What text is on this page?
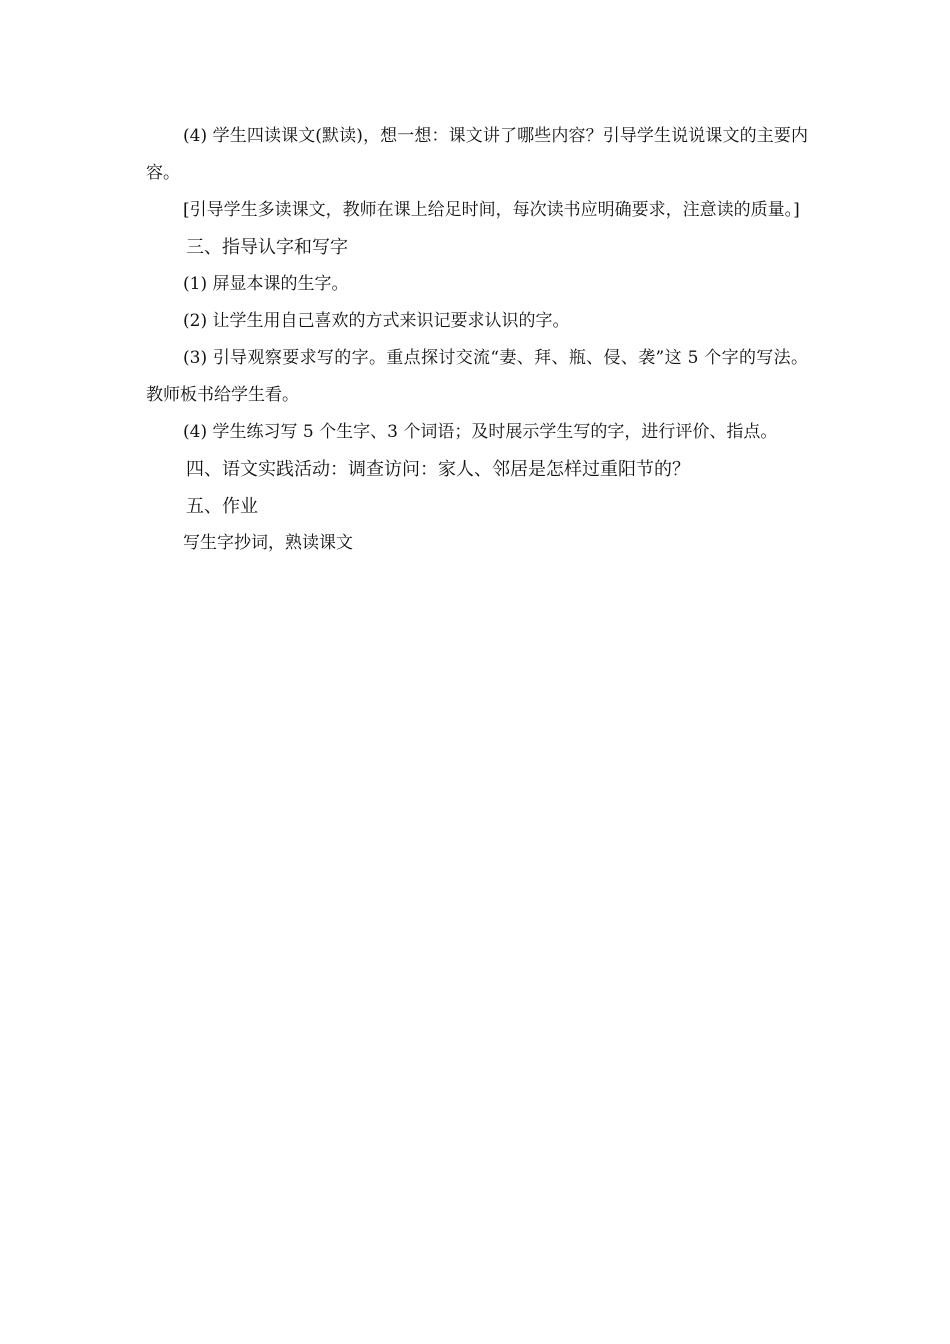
(4) 学生四读课文(默读)，想一想：课文讲了哪些内容？引导学生说说课文的主要内容。

[引导学生多读课文，教师在课上给足时间，每次读书应明确要求，注意读的质量。]

三、指导认字和写字

(1) 屏显本课的生字。

(2) 让学生用自己喜欢的方式来识记要求认识的字。

(3) 引导观察要求写的字。重点探讨交流“妻、拜、瓶、侵、袭”这 5 个字的写法。教师板书给学生看。

(4) 学生练习写 5 个生字、3 个词语；及时展示学生写的字，进行评价、指点。

四、语文实践活动：调查访问：家人、邻居是怎样过重阳节的？
五、作业

写生字抄词，熟读课文
